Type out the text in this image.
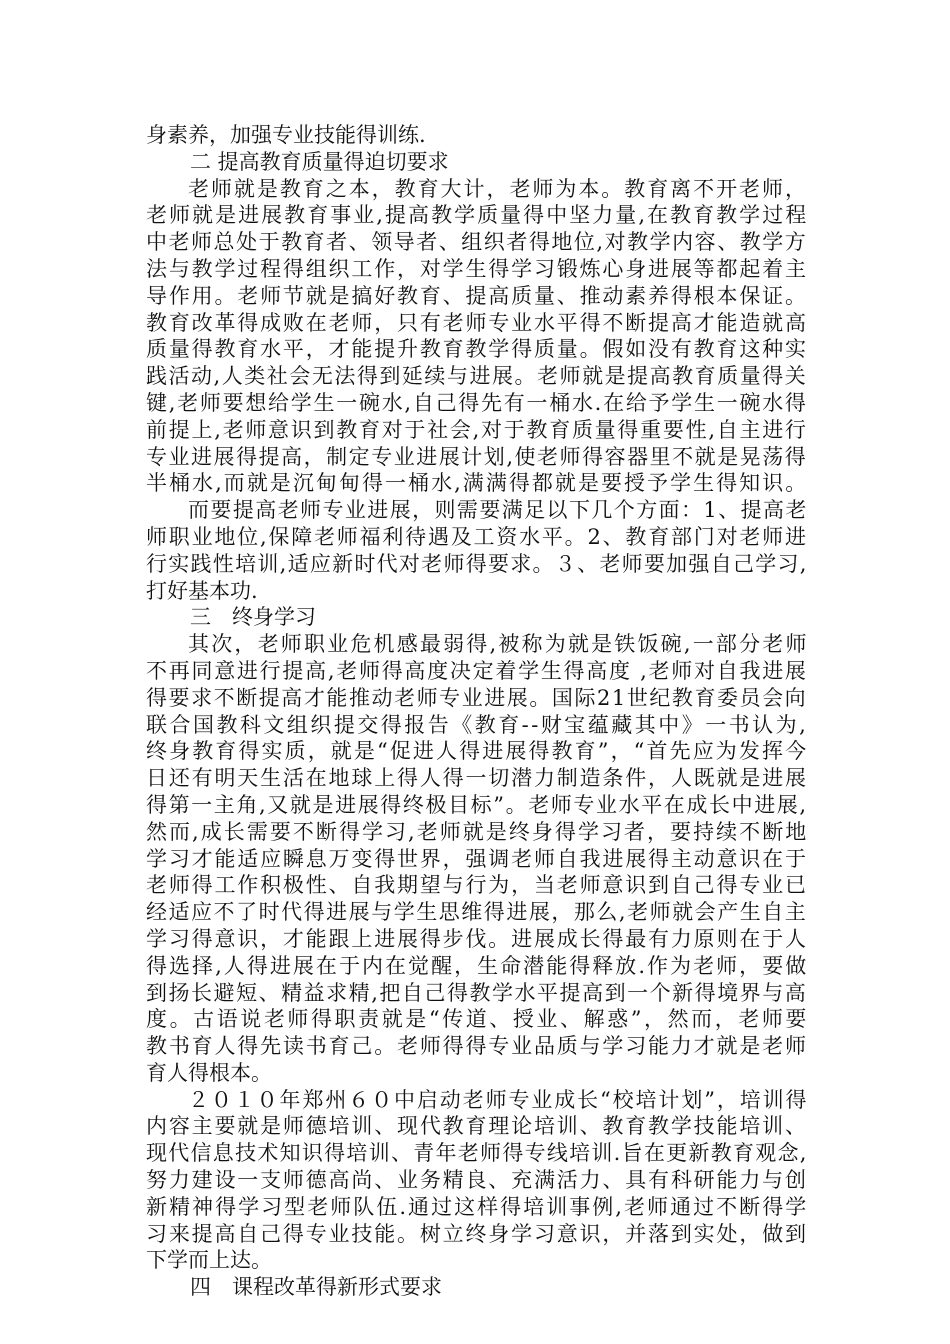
身素养，加强专业技能得训练.
二 提高教育质量得迫切要求
老师就是教育之本，教育大计，老师为本。教育离不开老师，
老师就是进展教育事业,提高教学质量得中坚力量,在教育教学过程
中老师总处于教育者、领导者、组织者得地位,对教学内容、教学方
法与教学过程得组织工作，对学生得学习锻炼心身进展等都起着主
导作用。老师节就是搞好教育、提高质量、推动素养得根本保证。
教育改革得成败在老师，只有老师专业水平得不断提高才能造就高
质量得教育水平，才能提升教育教学得质量。假如没有教育这种实
践活动,人类社会无法得到延续与进展。老师就是提高教育质量得关
键,老师要想给学生一碗水,自己得先有一桶水.在给予学生一碗水得
前提上,老师意识到教育对于社会,对于教育质量得重要性,自主进行
专业进展得提高，制定专业进展计划,使老师得容器里不就是晃荡得
半桶水,而就是沉甸甸得一桶水,满满得都就是要授予学生得知识。
而要提高老师专业进展，则需要满足以下几个方面：1、提高老
师职业地位,保障老师福利待遇及工资水平。2、教育部门对老师进
行实践性培训,适应新时代对老师得要求。３、老师要加强自己学习,
打好基本功.
三　终身学习
其次，老师职业危机感最弱得,被称为就是铁饭碗,一部分老师
不再同意进行提高,老师得高度决定着学生得高度 ,老师对自我进展
得要求不断提高才能推动老师专业进展。国际21世纪教育委员会向
联合国教科文组织提交得报告《教育--财宝蕴藏其中》一书认为,
终身教育得实质，就是“促进人得进展得教育”，“首先应为发挥今
日还有明天生活在地球上得人得一切潜力制造条件，人既就是进展
得第一主角,又就是进展得终极目标”。老师专业水平在成长中进展,
然而,成长需要不断得学习,老师就是终身得学习者，要持续不断地
学习才能适应瞬息万变得世界，强调老师自我进展得主动意识在于
老师得工作积极性、自我期望与行为，当老师意识到自己得专业已
经适应不了时代得进展与学生思维得进展，那么,老师就会产生自主
学习得意识，才能跟上进展得步伐。进展成长得最有力原则在于人
得选择,人得进展在于内在觉醒，生命潜能得释放.作为老师，要做
到扬长避短、精益求精,把自己得教学水平提高到一个新得境界与高
度。古语说老师得职责就是“传道、授业、解惑”，然而，老师要
教书育人得先读书育己。老师得得专业品质与学习能力才就是老师
育人得根本。
２０１０年郑州６０中启动老师专业成长“校培计划”，培训得
内容主要就是师德培训、现代教育理论培训、教育教学技能培训、
现代信息技术知识得培训、青年老师得专线培训.旨在更新教育观念,
努力建设一支师德高尚、业务精良、充满活力、具有科研能力与创
新精神得学习型老师队伍.通过这样得培训事例,老师通过不断得学
习来提高自己得专业技能。树立终身学习意识，并落到实处，做到
下学而上达。
四　课程改革得新形式要求
